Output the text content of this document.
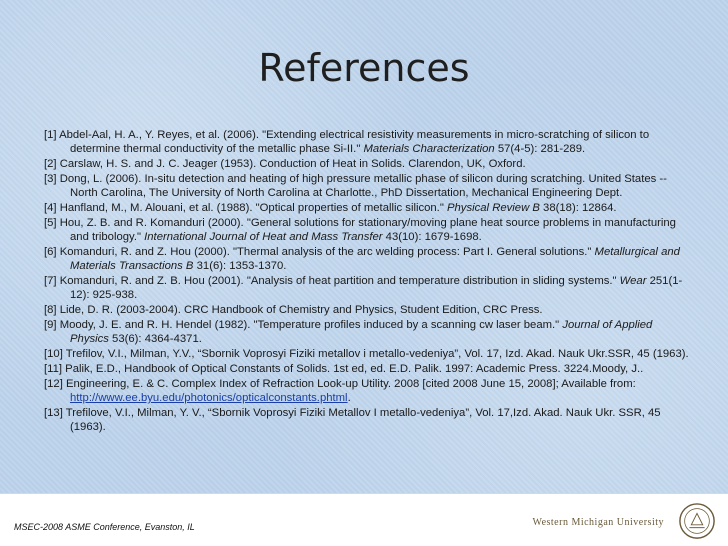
References
[1] Abdel-Aal, H. A., Y. Reyes, et al. (2006). "Extending electrical resistivity measurements in micro-scratching of silicon to determine thermal conductivity of the metallic phase Si-II." Materials Characterization 57(4-5): 281-289.
[2] Carslaw, H. S. and J. C. Jeager (1953). Conduction of Heat in Solids. Clarendon, UK, Oxford.
[3] Dong, L. (2006). In-situ detection and heating of high pressure metallic phase of silicon during scratching. United States -- North Carolina, The University of North Carolina at Charlotte., PhD Dissertation, Mechanical Engineering Dept.
[4] Hanfland, M., M. Alouani, et al. (1988). "Optical properties of metallic silicon." Physical Review B 38(18): 12864.
[5] Hou, Z. B. and R. Komanduri (2000). "General solutions for stationary/moving plane heat source problems in manufacturing and tribology." International Journal of Heat and Mass Transfer 43(10): 1679-1698.
[6] Komanduri, R. and Z. Hou (2000). "Thermal analysis of the arc welding process: Part I. General solutions." Metallurgical and Materials Transactions B 31(6): 1353-1370.
[7] Komanduri, R. and Z. B. Hou (2001). "Analysis of heat partition and temperature distribution in sliding systems." Wear 251(1-12): 925-938.
[8] Lide, D. R. (2003-2004). CRC Handbook of Chemistry and Physics, Student Edition, CRC Press.
[9] Moody, J. E. and R. H. Hendel (1982). "Temperature profiles induced by a scanning cw laser beam." Journal of Applied Physics 53(6): 4364-4371.
[10] Trefilov, V.I., Milman, Y.V., “Sbornik Voprosyi Fiziki metallov i metallo-vedeniya”, Vol. 17, Izd. Akad. Nauk Ukr.SSR, 45 (1963).
[11] Palik, E.D., Handbook of Optical Constants of Solids. 1st ed, ed. E.D. Palik. 1997: Academic Press. 3224.Moody, J..
[12] Engineering, E. & C. Complex Index of Refraction Look-up Utility. 2008 [cited 2008 June 15, 2008]; Available from: http://www.ee.byu.edu/photonics/opticalconstants.phtml.
[13] Trefilove, V.I., Milman, Y. V., “Sbornik Voprosyi Fiziki Metallov I metallo-vedeniya”, Vol. 17,Izd. Akad. Nauk Ukr. SSR, 45 (1963).
MSEC-2008 ASME Conference, Evanston, IL	Western Michigan University
